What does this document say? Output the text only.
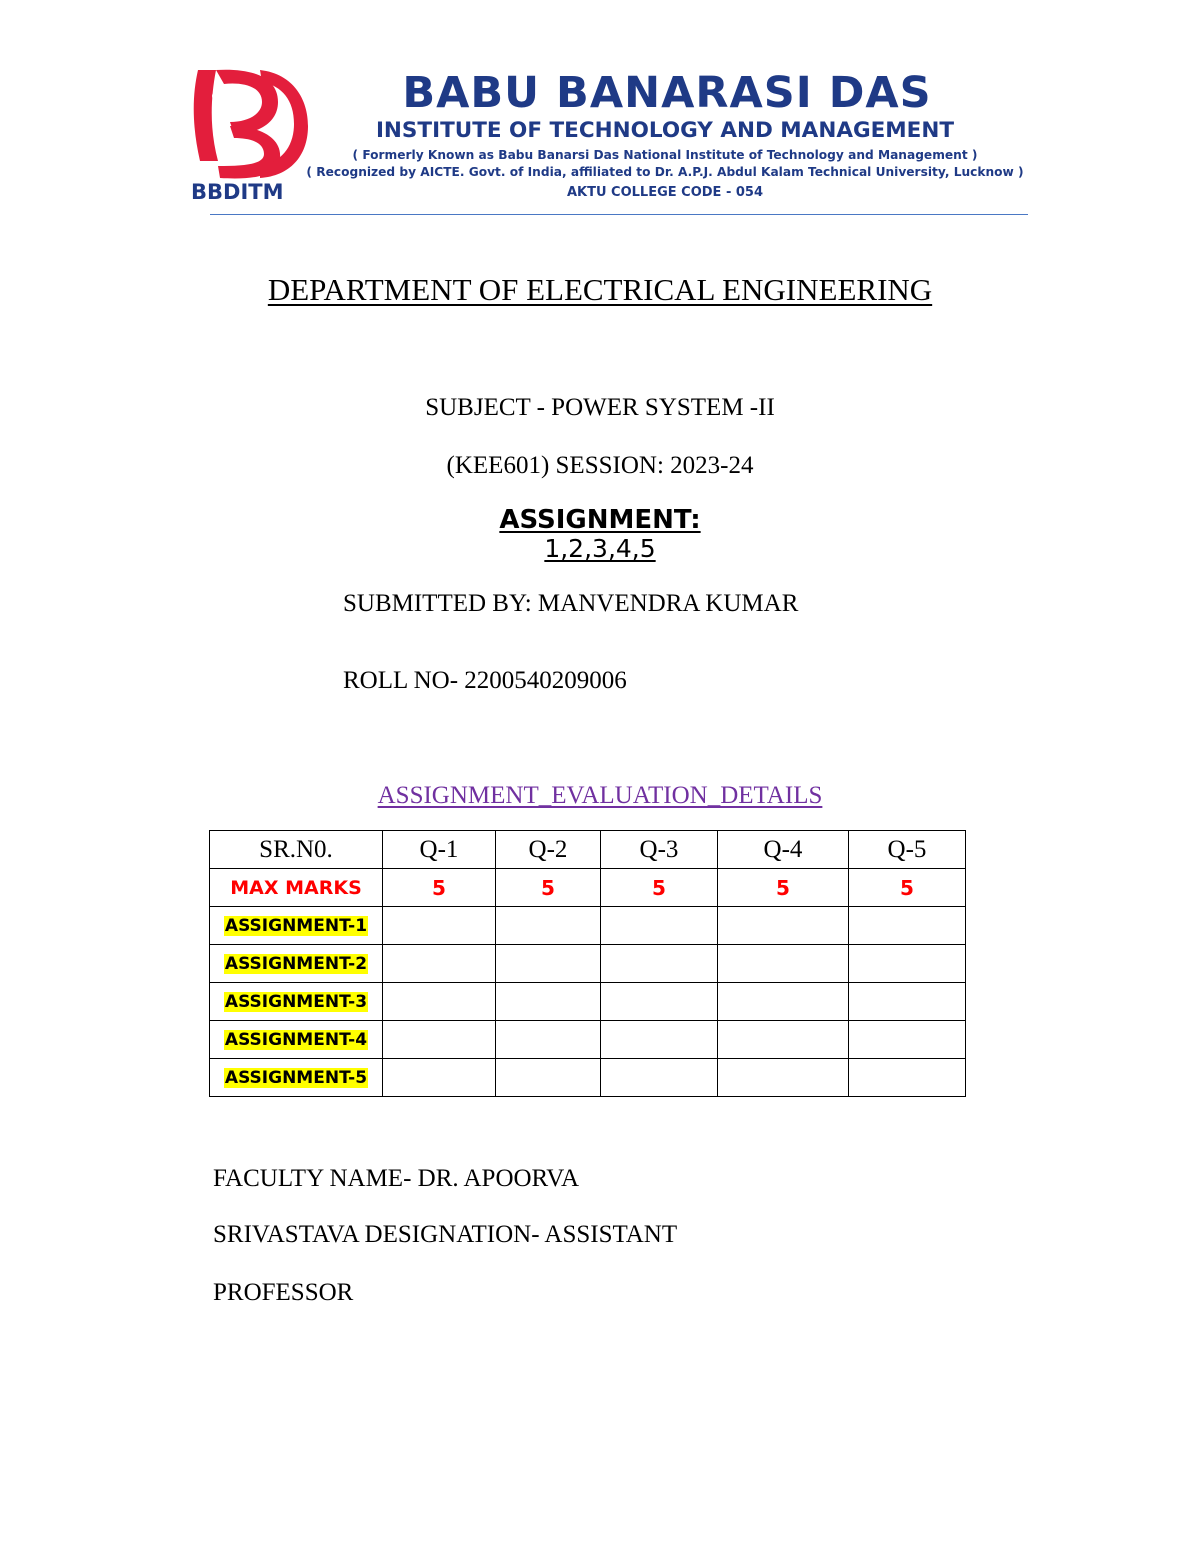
BBDITM
BABU BANARASI DAS
INSTITUTE OF TECHNOLOGY AND MANAGEMENT
( Formerly Known as Babu Banarsi Das National Institute of Technology and Management )
( Recognized by AICTE. Govt. of India, affiliated to Dr. A.P.J. Abdul Kalam Technical University, Lucknow )
AKTU COLLEGE CODE - 054
DEPARTMENT OF ELECTRICAL ENGINEERING
SUBJECT - POWER SYSTEM -II
(KEE601) SESSION: 2023-24
ASSIGNMENT:
1,2,3,4,5
SUBMITTED BY: MANVENDRA KUMAR
ROLL NO- 2200540209006
ASSIGNMENT_EVALUATION_DETAILS
SR.N0.	Q-1	Q-2	Q-3	Q-4	Q-5
MAX MARKS	5	5	5	5	5
ASSIGNMENT-1					
ASSIGNMENT-2					
ASSIGNMENT-3					
ASSIGNMENT-4					
ASSIGNMENT-5					
FACULTY NAME- DR. APOORVA
SRIVASTAVA DESIGNATION- ASSISTANT
PROFESSOR
